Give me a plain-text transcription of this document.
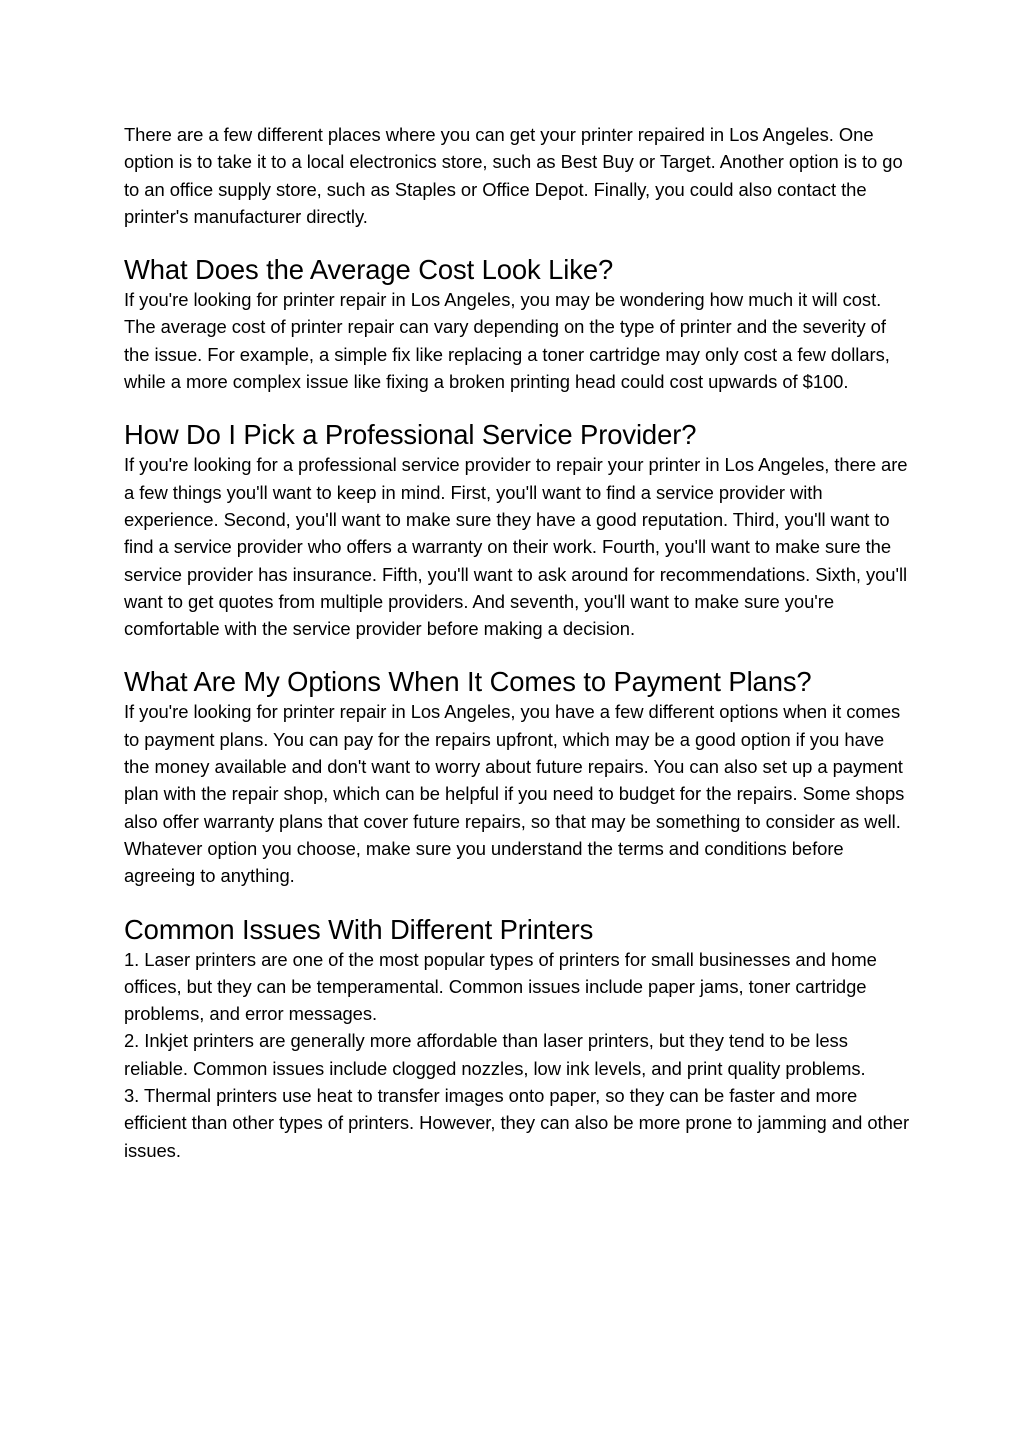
There are a few different places where you can get your printer repaired in Los Angeles. One option is to take it to a local electronics store, such as Best Buy or Target. Another option is to go to an office supply store, such as Staples or Office Depot. Finally, you could also contact the printer's manufacturer directly.

What Does the Average Cost Look Like?

If you're looking for printer repair in Los Angeles, you may be wondering how much it will cost. The average cost of printer repair can vary depending on the type of printer and the severity of the issue. For example, a simple fix like replacing a toner cartridge may only cost a few dollars, while a more complex issue like fixing a broken printing head could cost upwards of $100.

How Do I Pick a Professional Service Provider?

If you're looking for a professional service provider to repair your printer in Los Angeles, there are a few things you'll want to keep in mind. First, you'll want to find a service provider with experience. Second, you'll want to make sure they have a good reputation. Third, you'll want to find a service provider who offers a warranty on their work. Fourth, you'll want to make sure the service provider has insurance. Fifth, you'll want to ask around for recommendations. Sixth, you'll want to get quotes from multiple providers. And seventh, you'll want to make sure you're comfortable with the service provider before making a decision.

What Are My Options When It Comes to Payment Plans?

If you're looking for printer repair in Los Angeles, you have a few different options when it comes to payment plans. You can pay for the repairs upfront, which may be a good option if you have the money available and don't want to worry about future repairs. You can also set up a payment plan with the repair shop, which can be helpful if you need to budget for the repairs. Some shops also offer warranty plans that cover future repairs, so that may be something to consider as well. Whatever option you choose, make sure you understand the terms and conditions before agreeing to anything.

Common Issues With Different Printers

1. Laser printers are one of the most popular types of printers for small businesses and home offices, but they can be temperamental. Common issues include paper jams, toner cartridge problems, and error messages.

2. Inkjet printers are generally more affordable than laser printers, but they tend to be less reliable. Common issues include clogged nozzles, low ink levels, and print quality problems.

3. Thermal printers use heat to transfer images onto paper, so they can be faster and more efficient than other types of printers. However, they can also be more prone to jamming and other issues.
